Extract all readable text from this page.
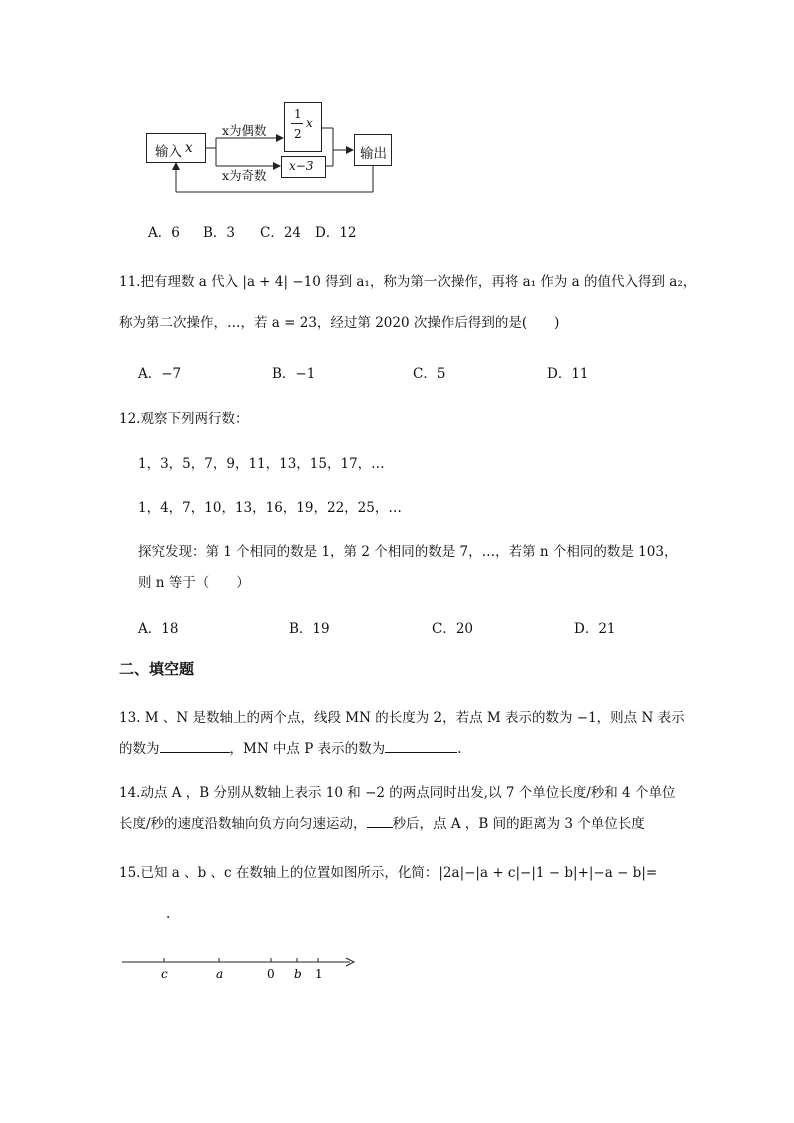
输入 x
x为偶数
x为奇数
1
2
x
x−3
输出
A．6 B．3 C．24 D．12
11.把有理数 a 代入 |a + 4| −10 得到 a₁，称为第一次操作，再将 a₁ 作为 a 的值代入得到 a₂，
称为第二次操作，…，若 a = 23，经过第 2020 次操作后得到的是(　　)
A．−7	B．−1	C．5	D．11
12.观察下列两行数：
1，3，5，7，9，11，13，15，17，…
1，4，7，10，13，16，19，22，25，…
探究发现：第 1 个相同的数是 1，第 2 个相同的数是 7，…，若第 n 个相同的数是 103，
则 n 等于（　　）
A．18	B．19	C．20	D．21
二、填空题
13. M 、N 是数轴上的两个点，线段 MN 的长度为 2，若点 M 表示的数为 −1，则点 N 表示
的数为	，MN 中点 P 表示的数为	.
14.动点 A ，B 分别从数轴上表示 10 和 −2 的两点同时出发,以 7 个单位长度/秒和 4 个单位
长度/秒的速度沿数轴向负方向匀速运动， 秒后，点 A ，B 间的距离为 3 个单位长度
15.已知 a 、b 、c 在数轴上的位置如图所示，化简：|2a|−|a + c|−|1 − b|+|−a − b|=
.
c	a	0 b 1
